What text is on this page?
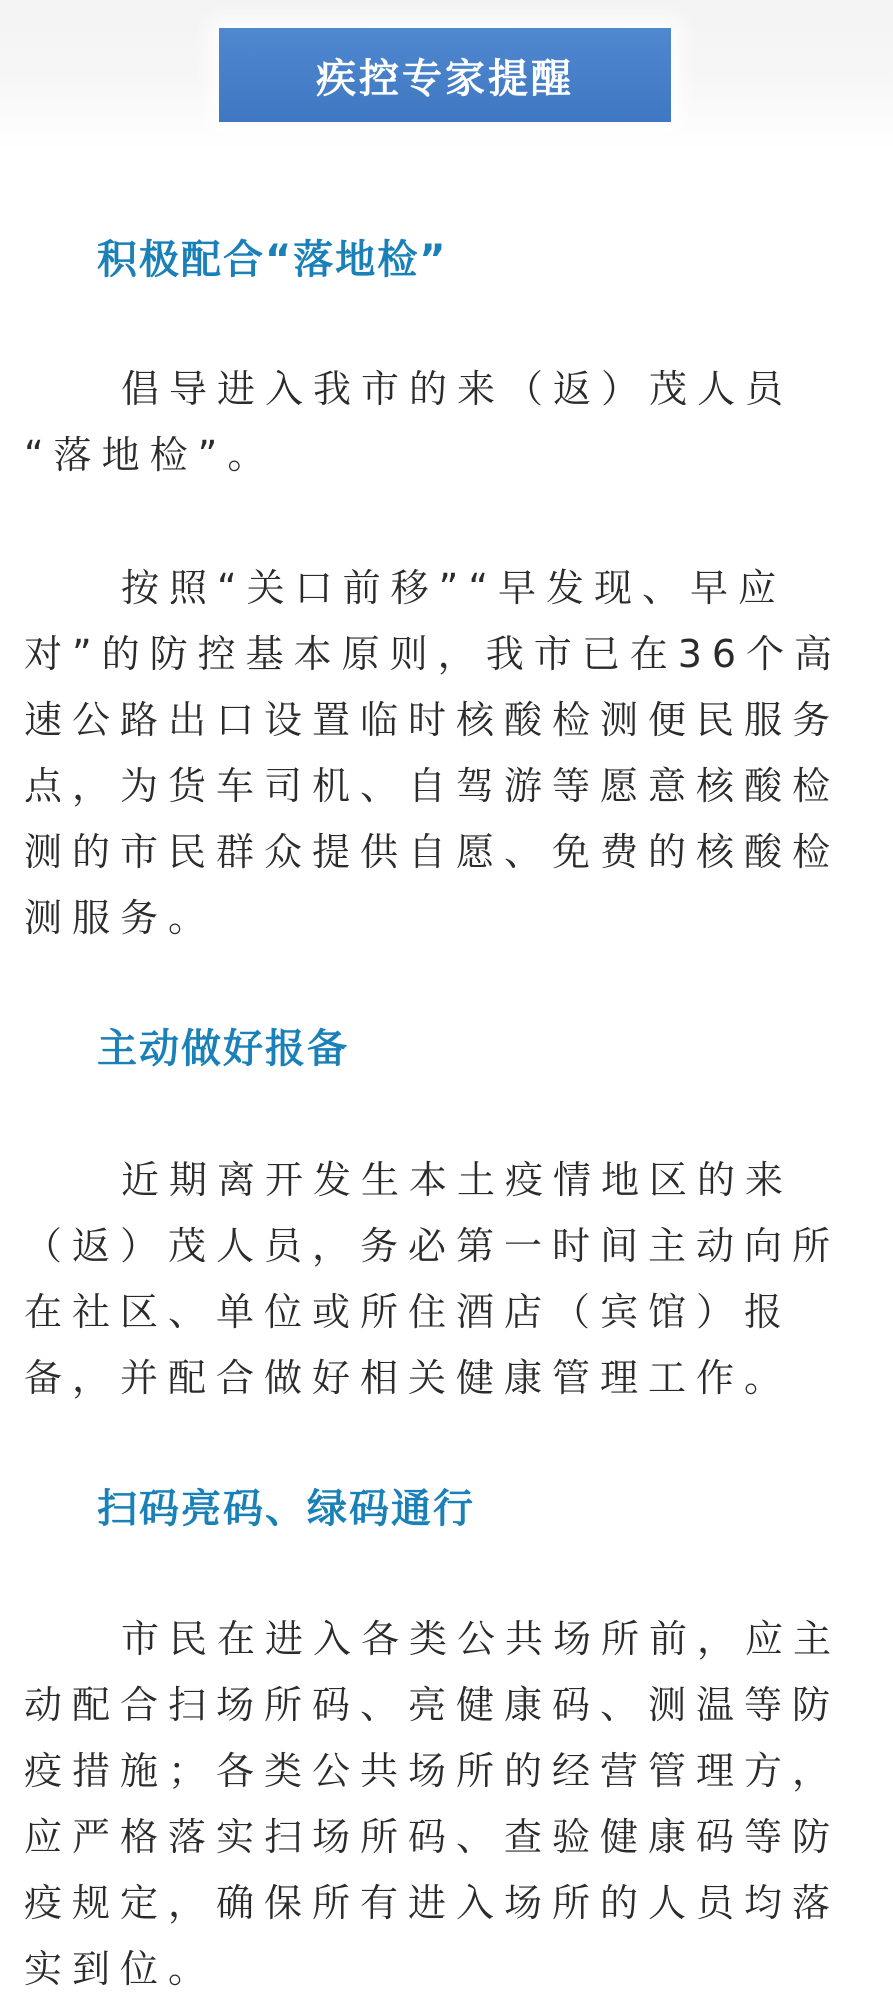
疾控专家提醒
积极配合“落地检”
倡导进入我市的来（返）茂人员
“落地检”。
按照“关口前移”“早发现、早应
对”的防控基本原则，我市已在36个高
速公路出口设置临时核酸检测便民服务
点，为货车司机、自驾游等愿意核酸检
测的市民群众提供自愿、免费的核酸检
测服务。
主动做好报备
近期离开发生本土疫情地区的来
（返）茂人员，务必第一时间主动向所
在社区、单位或所住酒店（宾馆）报
备，并配合做好相关健康管理工作。
扫码亮码、绿码通行
市民在进入各类公共场所前，应主
动配合扫场所码、亮健康码、测温等防
疫措施；各类公共场所的经营管理方，
应严格落实扫场所码、查验健康码等防
疫规定，确保所有进入场所的人员均落
实到位。
